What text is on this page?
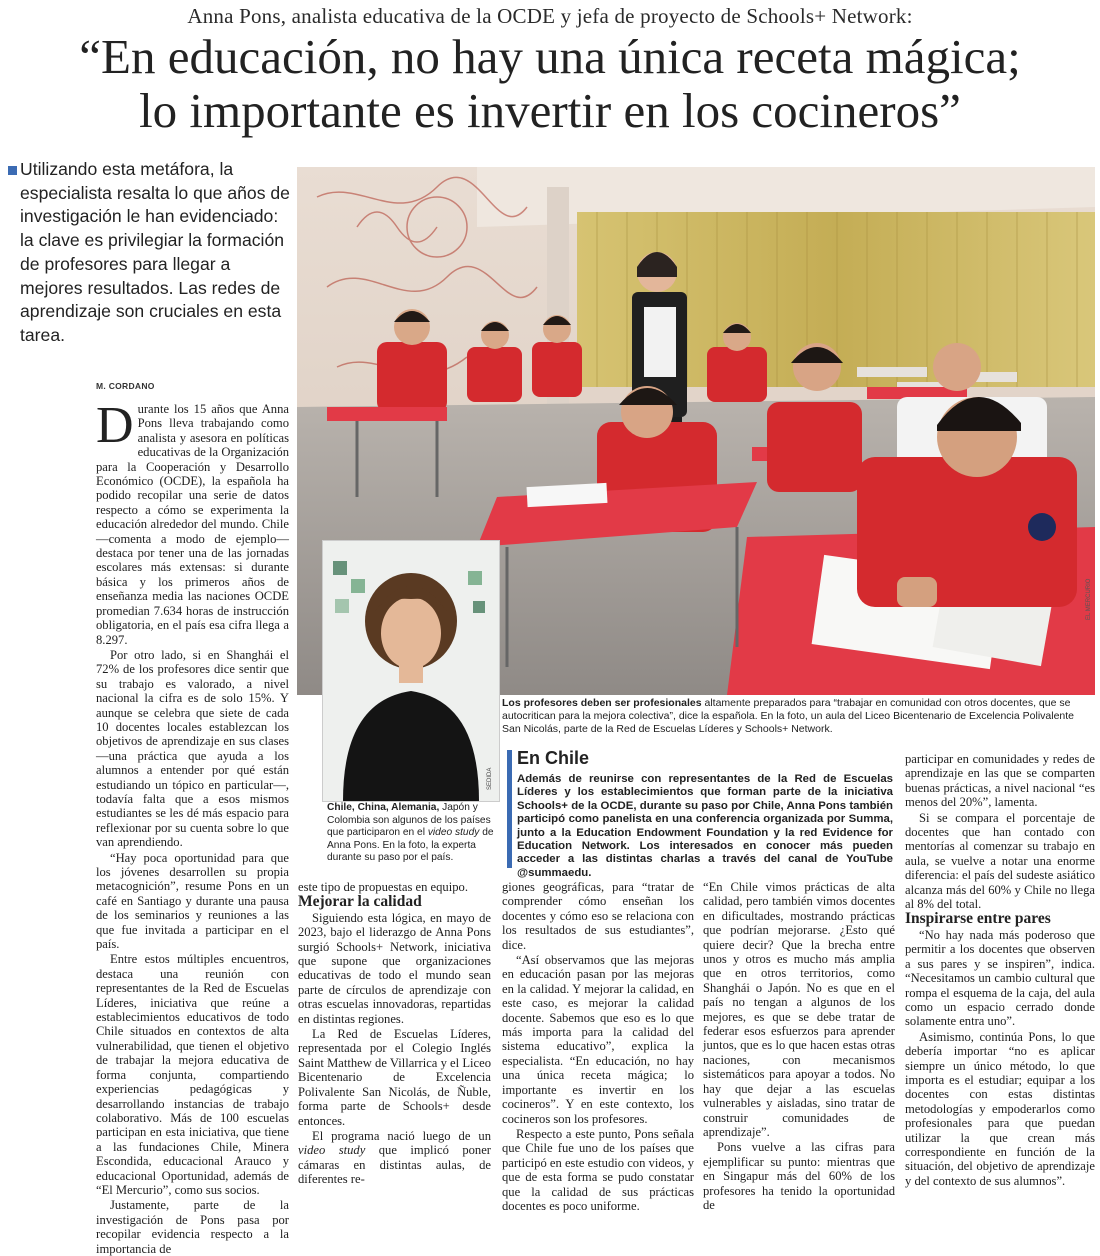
Anna Pons, analista educativa de la OCDE y jefa de proyecto de Schools+ Network:
“En educación, no hay una única receta mágica;
lo importante es invertir en los cocineros”
Utilizando esta metáfora, la especialista resalta lo que años de investigación le han evidenciado: la clave es privilegiar la formación de profesores para llegar a mejores resultados. Las redes de aprendizaje son cruciales en esta tarea.
M. CORDANO

Durante los 15 años que Anna Pons lleva trabajando como analista y asesora en políticas educativas de la Organización para la Cooperación y Desarrollo Económico (OCDE), la española ha podido recopilar una serie de datos respecto a cómo se experimenta la educación alrededor del mundo. Chile —comenta a modo de ejemplo— destaca por tener una de las jornadas escolares más extensas: si durante básica y los primeros años de enseñanza media las naciones OCDE promedian 7.634 horas de instrucción obligatoria, en el país esa cifra llega a 8.297.

Por otro lado, si en Shanghái el 72% de los profesores dice sentir que su trabajo es valorado, a nivel nacional la cifra es de solo 15%. Y aunque se celebra que siete de cada 10 docentes locales establezcan los objetivos de aprendizaje en sus clases —una práctica que ayuda a los alumnos a entender por qué están estudiando un tópico en particular—, todavía falta que a esos mismos estudiantes se les dé más espacio para reflexionar por su cuenta sobre lo que van aprendiendo.

“Hay poca oportunidad para que los jóvenes desarrollen su propia metacognición”, resume Pons en un café en Santiago y durante una pausa de los seminarios y reuniones a las que fue invitada a participar en el país.

Entre estos múltiples encuentros, destaca una reunión con representantes de la Red de Escuelas Líderes, iniciativa que reúne a establecimientos educativos de todo Chile situados en contextos de alta vulnerabilidad, que tienen el objetivo de trabajar la mejora educativa de forma conjunta, compartiendo experiencias pedagógicas y desarrollando instancias de trabajo colaborativo. Más de 100 escuelas participan en esta iniciativa, que tiene a las fundaciones Chile, Minera Escondida, educacional Arauco y educacional Oportunidad, además de “El Mercurio”, como sus socios.

Justamente, parte de la investigación de Pons pasa por recopilar evidencia respecto a la importancia de

este tipo de propuestas en equipo.

Mejorar la calidad

Siguiendo esta lógica, en mayo de 2023, bajo el liderazgo de Anna Pons surgió Schools+ Network, iniciativa que supone que organizaciones educativas de todo el mundo sean parte de círculos de aprendizaje con otras escuelas innovadoras, repartidas en distintas regiones.

La Red de Escuelas Líderes, representada por el Colegio Inglés Saint Matthew de Villarrica y el Liceo Bicentenario de Excelencia Polivalente San Nicolás, de Ñuble, forma parte de Schools+ desde entonces.

El programa nació luego de un video study que implicó poner cámaras en distintas aulas, de diferentes re-

giones geográficas, para “tratar de comprender cómo enseñan los docentes y cómo eso se relaciona con los resultados de sus estudiantes”, dice.

“Así observamos que las mejoras en educación pasan por las mejoras en la calidad. Y mejorar la calidad, en este caso, es mejorar la calidad docente. Sabemos que eso es lo que más importa para la calidad del sistema educativo”, explica la especialista. “En educación, no hay una única receta mágica; lo importante es invertir en los cocineros”. Y en este contexto, los cocineros son los profesores.

Respecto a este punto, Pons señala que Chile fue uno de los países que participó en este estudio con videos, y que de esta forma se pudo constatar que la calidad de sus prácticas docentes es poco uniforme.

“En Chile vimos prácticas de alta calidad, pero también vimos docentes en dificultades, mostrando prácticas que podrían mejorarse. ¿Esto qué quiere decir? Que la brecha entre unos y otros es mucho más amplia que en otros territorios, como Shanghái o Japón. No es que en el país no tengan a algunos de los mejores, es que se debe tratar de federar esos esfuerzos para aprender juntos, que es lo que hacen estas otras naciones, con mecanismos sistemáticos para apoyar a todos. No hay que dejar a las escuelas vulnerables y aisladas, sino tratar de construir comunidades de aprendizaje”.

Pons vuelve a las cifras para ejemplificar su punto: mientras que en Singapur más del 60% de los profesores ha tenido la oportunidad de

participar en comunidades y redes de aprendizaje en las que se comparten buenas prácticas, a nivel nacional “es menos del 20%”, lamenta.

Si se compara el porcentaje de docentes que han contado con mentorías al comenzar su trabajo en aula, se vuelve a notar una enorme diferencia: el país del sudeste asiático alcanza más del 60% y Chile no llega al 8% del total.

Inspirarse entre pares

“No hay nada más poderoso que permitir a los docentes que observen a sus pares y se inspiren”, indica. “Necesitamos un cambio cultural que rompa el esquema de la caja, del aula como un espacio cerrado donde solamente entra uno”.

Asimismo, continúa Pons, lo que debería importar “no es aplicar siempre un único método, lo que importa es el estudiar; equipar a los docentes con estas distintas metodologías y empoderarlos como profesionales para que puedan utilizar la que crean más correspondiente en función de la situación, del objetivo de aprendizaje y del contexto de sus alumnos”.

EL MERCURIO
Los profesores deben ser profesionales altamente preparados para “trabajar en comunidad con otros docentes, que se autocritican para la mejora colectiva”, dice la española. En la foto, un aula del Liceo Bicentenario de Excelencia Polivalente San Nicolás, parte de la Red de Escuelas Líderes y Schools+ Network.
SEDIDA
Chile, China, Alemania, Japón y Colombia son algunos de los países que participaron en el video study de Anna Pons. En la foto, la experta durante su paso por el país.
En Chile
Además de reunirse con representantes de la Red de Escuelas Líderes y los establecimientos que forman parte de la iniciativa Schools+ de la OCDE, durante su paso por Chile, Anna Pons también participó como panelista en una conferencia organizada por Summa, junto a la Education Endowment Foundation y la red Evidence for Education Network. Los interesados en conocer más pueden acceder a las distintas charlas a través del canal de YouTube @summaedu.
